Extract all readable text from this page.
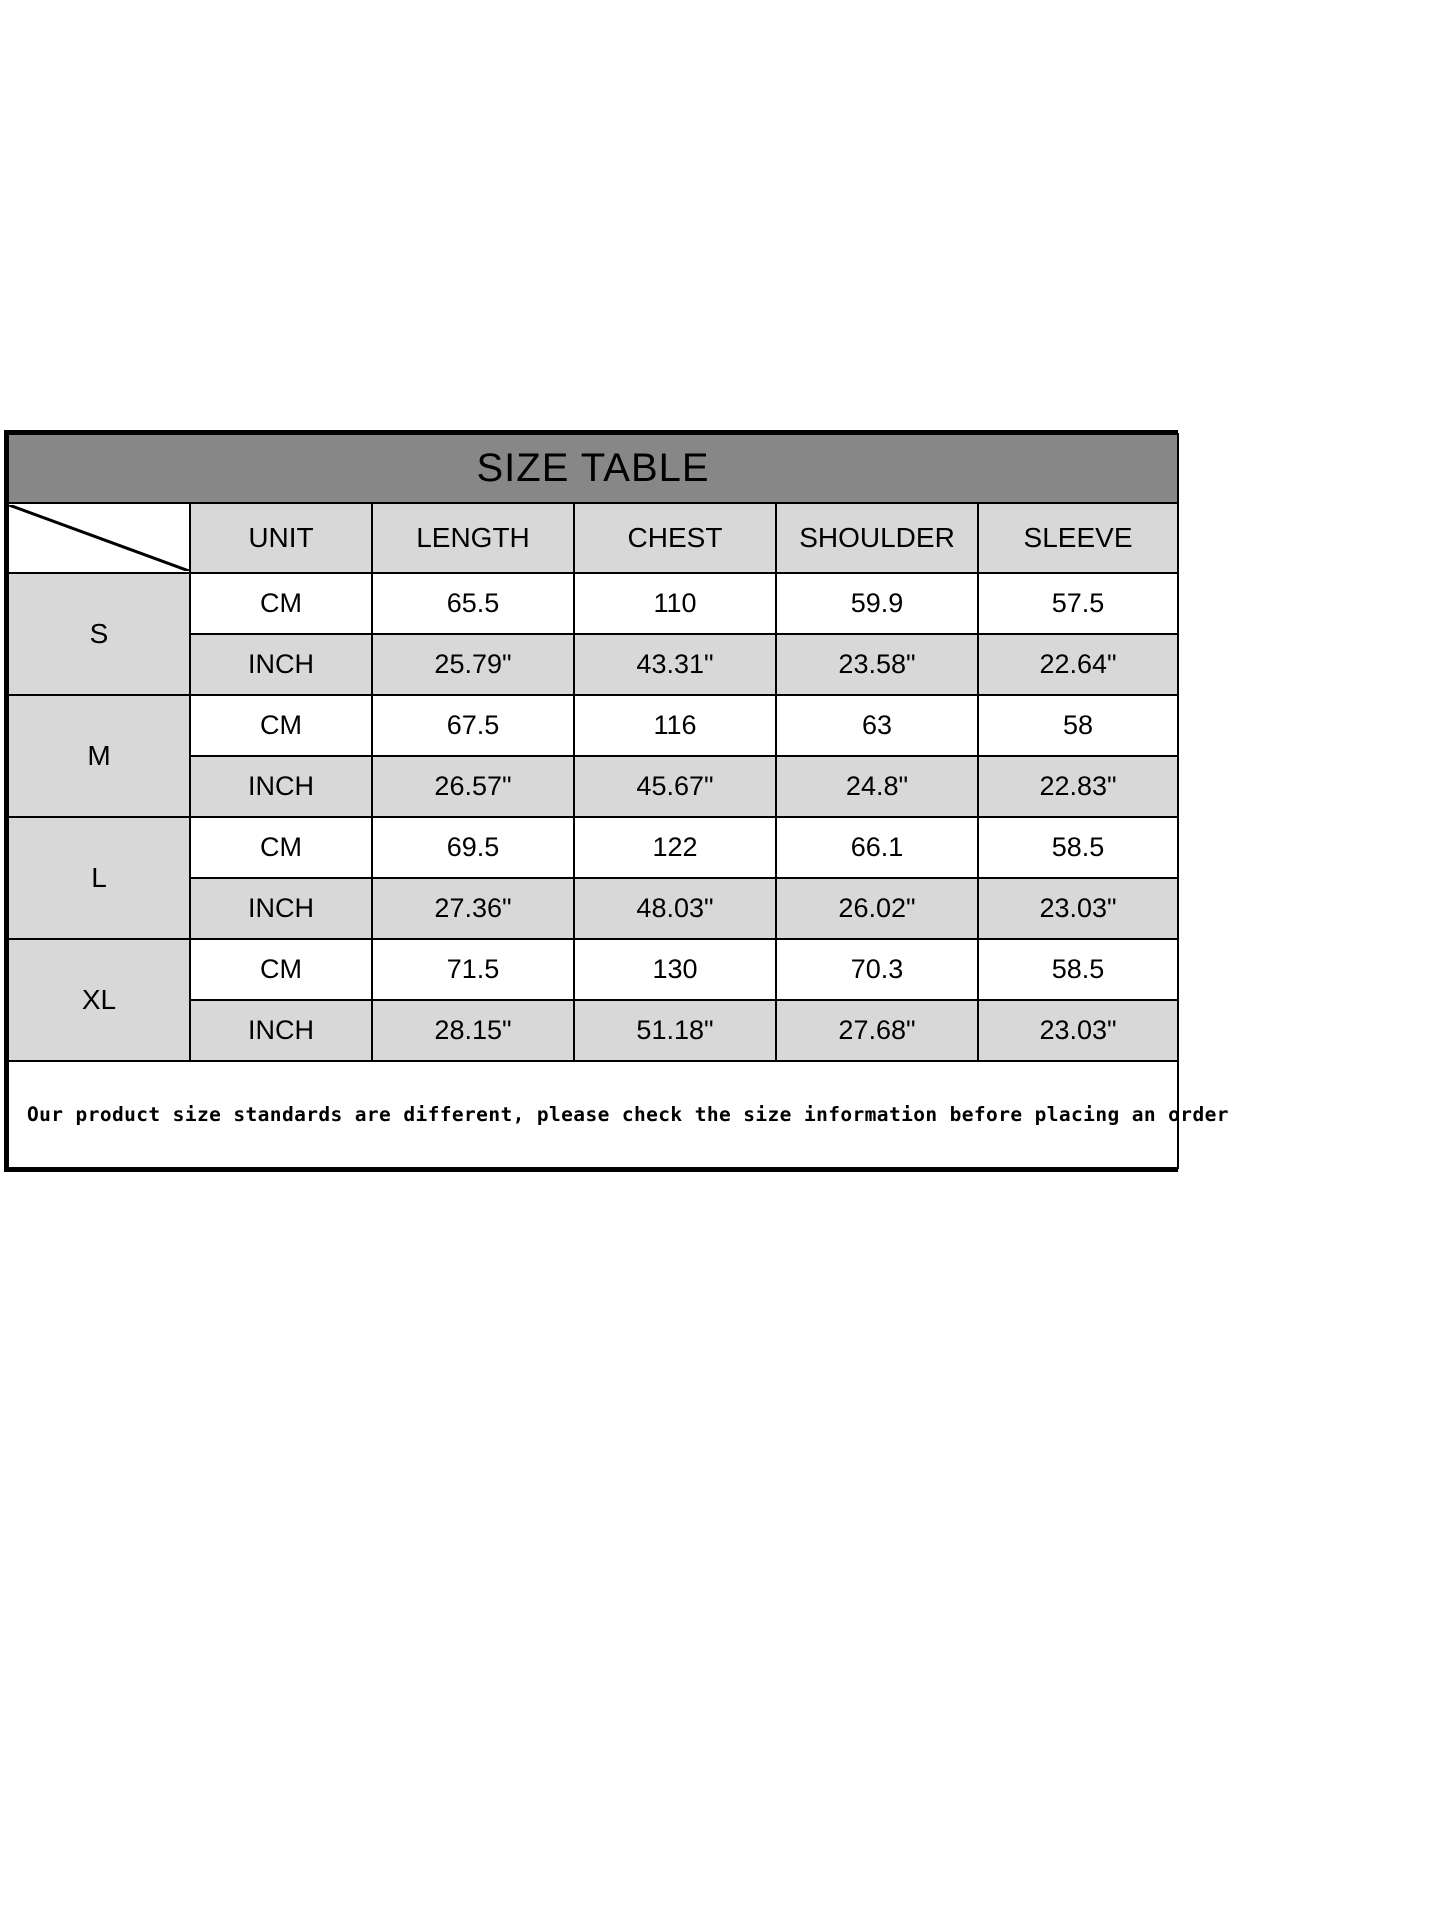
SIZE TABLE					

	UNIT	LENGTH	CHEST	SHOULDER	SLEEVE
S	CM	65.5	110	59.9	57.5
	INCH	25.79"	43.31"	23.58"	22.64"
M	CM	67.5	116	63	58
	INCH	26.57"	45.67"	24.8"	22.83"
L	CM	69.5	122	66.1	58.5
	INCH	27.36"	48.03"	26.02"	23.03"
XL	CM	71.5	130	70.3	58.5
	INCH	28.15"	51.18"	27.68"	23.03"
Our product size standards are different, please check the size information before placing an order					
